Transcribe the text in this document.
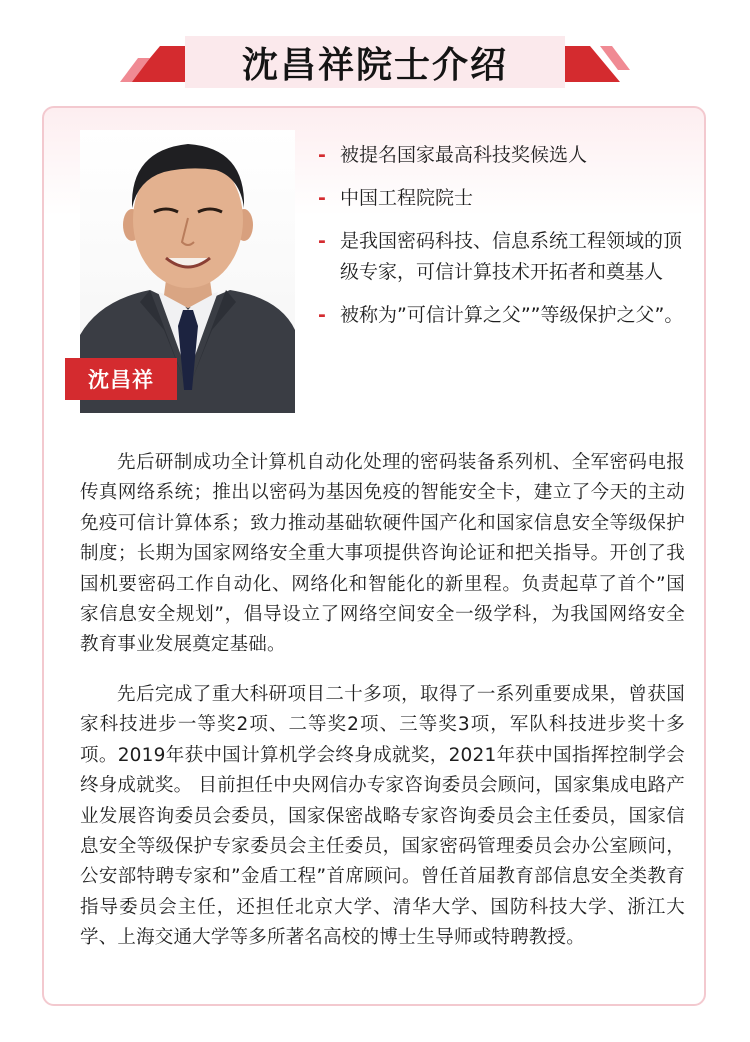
沈昌祥院士介绍
沈昌祥
- 被提名国家最高科技奖候选人
- 中国工程院院士
- 是我国密码科技、信息系统工程领域的顶级专家，可信计算技术开拓者和奠基人
- 被称为”可信计算之父””等级保护之父”。

先后研制成功全计算机自动化处理的密码装备系列机、全军密码电报传真网络系统；推出以密码为基因免疫的智能安全卡，建立了今天的主动免疫可信计算体系；致力推动基础软硬件国产化和国家信息安全等级保护制度；长期为国家网络安全重大事项提供咨询论证和把关指导。开创了我国机要密码工作自动化、网络化和智能化的新里程。负责起草了首个”国家信息安全规划”，倡导设立了网络空间安全一级学科，为我国网络安全教育事业发展奠定基础。

先后完成了重大科研项目二十多项，取得了一系列重要成果，曾获国家科技进步一等奖2项、二等奖2项、三等奖3项，军队科技进步奖十多项。2019年获中国计算机学会终身成就奖，2021年获中国指挥控制学会终身成就奖。 目前担任中央网信办专家咨询委员会顾问，国家集成电路产业发展咨询委员会委员，国家保密战略专家咨询委员会主任委员，国家信息安全等级保护专家委员会主任委员，国家密码管理委员会办公室顾问，公安部特聘专家和”金盾工程”首席顾问。曾任首届教育部信息安全类教育指导委员会主任，还担任北京大学、清华大学、国防科技大学、浙江大学、上海交通大学等多所著名高校的博士生导师或特聘教授。
